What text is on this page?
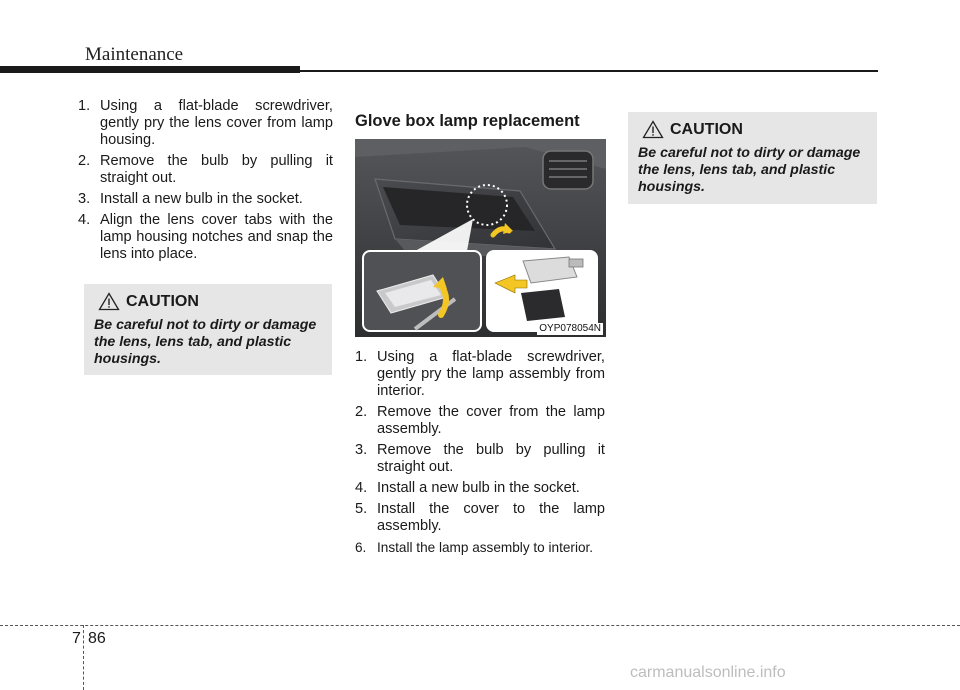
Maintenance
1. Using a flat-blade screwdriver, gently pry the lens cover from lamp housing.
2. Remove the bulb by pulling it straight out.
3. Install a new bulb in the socket.
4. Align the lens cover tabs with the lamp housing notches and snap the lens into place.
CAUTION
Be careful not to dirty or damage the lens, lens tab, and plastic housings.
Glove box lamp replacement
OYP078054N
1. Using a flat-blade screwdriver, gently pry the lamp assembly from interior.
2. Remove the cover from the lamp assembly.
3. Remove the bulb by pulling it straight out.
4. Install a new bulb in the socket.
5. Install the cover to the lamp assembly.
6. Install the lamp assembly to interior.
CAUTION
Be careful not to dirty or damage the lens, lens tab, and plastic housings.
7 86
carmanualsonline.info
